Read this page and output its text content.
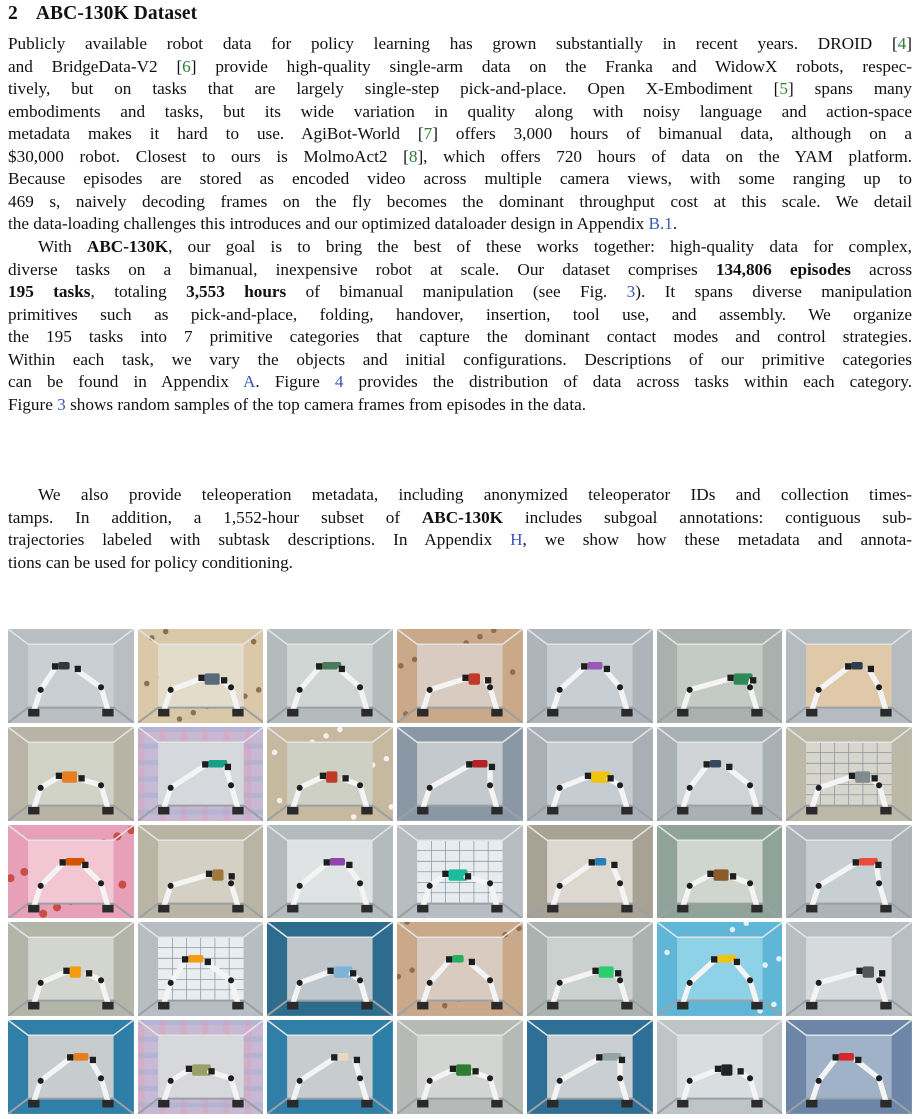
2 ABC-130K Dataset

Publicly available robot data for policy learning has grown substantially in recent years. DROID [4]
and BridgeData-V2 [6] provide high-quality single-arm data on the Franka and WidowX robots, respec-
tively, but on tasks that are largely single-step pick-and-place. Open X-Embodiment [5] spans many
embodiments and tasks, but its wide variation in quality along with noisy language and action-space
metadata makes it hard to use. AgiBot-World [7] offers 3,000 hours of bimanual data, although on a
$30,000 robot. Closest to ours is MolmoAct2 [8], which offers 720 hours of data on the YAM platform.
Because episodes are stored as encoded video across multiple camera views, with some ranging up to
469 s, naively decoding frames on the fly becomes the dominant throughput cost at this scale. We detail
the data-loading challenges this introduces and our optimized dataloader design in Appendix B.1.

With ABC-130K, our goal is to bring the best of these works together: high-quality data for complex,
diverse tasks on a bimanual, inexpensive robot at scale. Our dataset comprises 134,806 episodes across
195 tasks, totaling 3,553 hours of bimanual manipulation (see Fig. 3). It spans diverse manipulation
primitives such as pick-and-place, folding, handover, insertion, tool use, and assembly. We organize
the 195 tasks into 7 primitive categories that capture the dominant contact modes and control strategies.
Within each task, we vary the objects and initial configurations. Descriptions of our primitive categories
can be found in Appendix A. Figure 4 provides the distribution of data across tasks within each category.
Figure 3 shows random samples of the top camera frames from episodes in the data.

We also provide teleoperation metadata, including anonymized teleoperator IDs and collection times-
tamps. In addition, a 1,552-hour subset of ABC-130K includes subgoal annotations: contiguous sub-
trajectories labeled with subtask descriptions. In Appendix H, we show how these metadata and annota-
tions can be used for policy conditioning.
